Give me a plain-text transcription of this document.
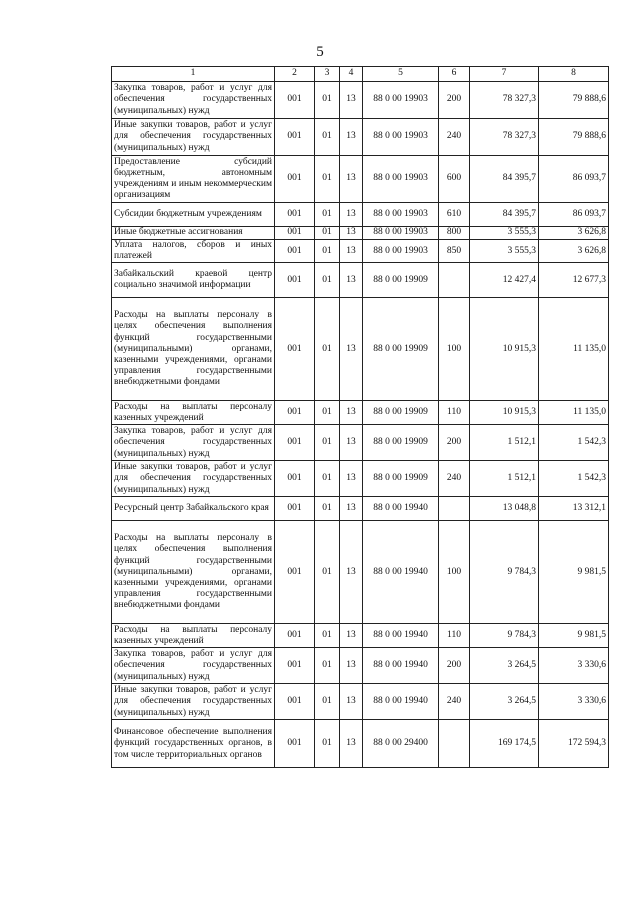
5
1	2	3	4	5	6	7	8
Закупка товаров, работ и услуг для обеспечения государственных (муниципальных) нужд	001	01	13	88 0 00 19903	200	78 327,3	79 888,6
Иные закупки товаров, работ и услуг для обеспечения государственных (муниципальных) нужд	001	01	13	88 0 00 19903	240	78 327,3	79 888,6
Предоставление субсидий бюджетным, автономным учреждениям и иным некоммерческим организациям	001	01	13	88 0 00 19903	600	84 395,7	86 093,7
Субсидии бюджетным учреждениям	001	01	13	88 0 00 19903	610	84 395,7	86 093,7
Иные бюджетные ассигнования	001	01	13	88 0 00 19903	800	3 555,3	3 626,8
Уплата налогов, сборов и иных платежей	001	01	13	88 0 00 19903	850	3 555,3	3 626,8
Забайкальский краевой центр социально значимой информации	001	01	13	88 0 00 19909		12 427,4	12 677,3
Расходы на выплаты персоналу в целях обеспечения выполнения функций государственными (муниципальными) органами, казенными учреждениями, органами управления государственными внебюджетными фондами	001	01	13	88 0 00 19909	100	10 915,3	11 135,0
Расходы на выплаты персоналу казенных учреждений	001	01	13	88 0 00 19909	110	10 915,3	11 135,0
Закупка товаров, работ и услуг для обеспечения государственных (муниципальных) нужд	001	01	13	88 0 00 19909	200	1 512,1	1 542,3
Иные закупки товаров, работ и услуг для обеспечения государственных (муниципальных) нужд	001	01	13	88 0 00 19909	240	1 512,1	1 542,3
Ресурсный центр Забайкальского края	001	01	13	88 0 00 19940		13 048,8	13 312,1
Расходы на выплаты персоналу в целях обеспечения выполнения функций государственными (муниципальными) органами, казенными учреждениями, органами управления государственными внебюджетными фондами	001	01	13	88 0 00 19940	100	9 784,3	9 981,5
Расходы на выплаты персоналу казенных учреждений	001	01	13	88 0 00 19940	110	9 784,3	9 981,5
Закупка товаров, работ и услуг для обеспечения государственных (муниципальных) нужд	001	01	13	88 0 00 19940	200	3 264,5	3 330,6
Иные закупки товаров, работ и услуг для обеспечения государственных (муниципальных) нужд	001	01	13	88 0 00 19940	240	3 264,5	3 330,6
Финансовое обеспечение выполнения функций государственных органов, в том числе территориальных органов	001	01	13	88 0 00 29400		169 174,5	172 594,3
